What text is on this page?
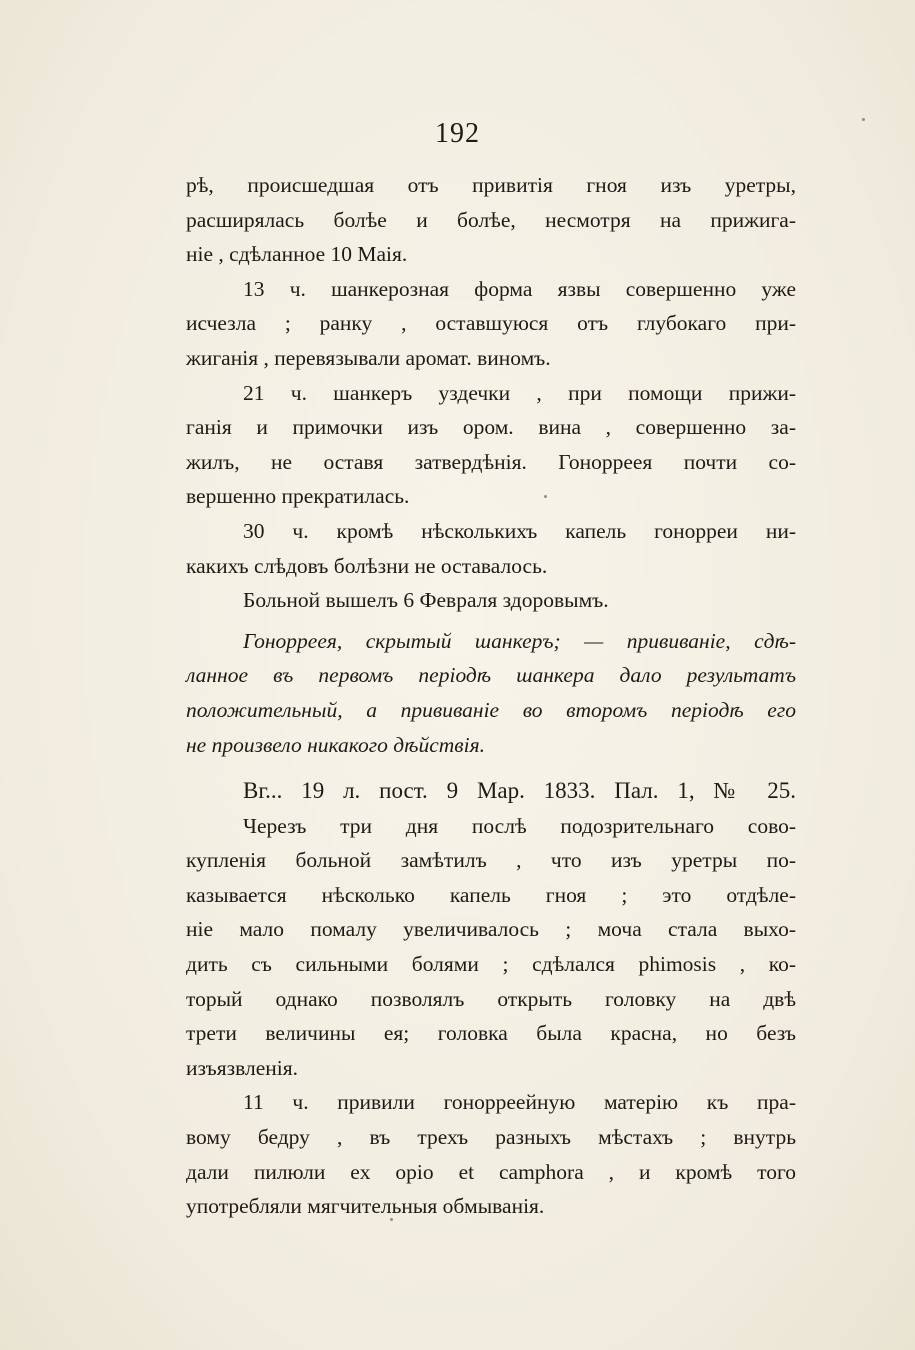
192
рѣ, происшедшая отъ привитія гноя изъ уретры,
расширялась болѣе и болѣе, несмотря на прижига-
ніе , сдѣланное 10 Маія.
13 ч. шанкерозная форма язвы совершенно уже
исчезла ; ранку , оставшуюся отъ глубокаго при-
жиганія , перевязывали аромат. виномъ.
21 ч. шанкеръ уздечки , при помощи прижи-
ганія и примочки изъ ором. вина , совершенно за-
жилъ, не оставя затвердѣнія. Гонорреея почти со-
вершенно прекратилась.
30 ч. кромѣ нѣсколькихъ капель гонорреи ни-
какихъ слѣдовъ болѣзни не оставалось.
Больной вышелъ 6 Февраля здоровымъ.
Гонорреея, скрытый шанкеръ; — прививаніе, сдѣ-
ланное въ первомъ періодѣ шанкера дало результатъ
положительный, а прививаніе во второмъ періодѣ его
не произвело никакого дѣйствія.
Вг... 19 л. пост. 9 Мар. 1833. Пал. 1, № 25.
Черезъ три дня послѣ подозрительнаго сово-
купленія больной замѣтилъ , что изъ уретры по-
казывается нѣсколько капель гноя ; это отдѣле-
ніе мало помалу увеличивалось ; моча стала выхо-
дить съ сильными болями ; сдѣлался phimosis , ко-
торый однако позволялъ открыть головку на двѣ
трети величины ея; головка была красна, но безъ
изъязвленія.
11 ч. привили гонорреейную матерію къ пра-
вому бедру , въ трехъ разныхъ мѣстахъ ; внутрь
дали пилюли ex opio et camphora , и кромѣ того
употребляли мягчительныя обмыванія.
